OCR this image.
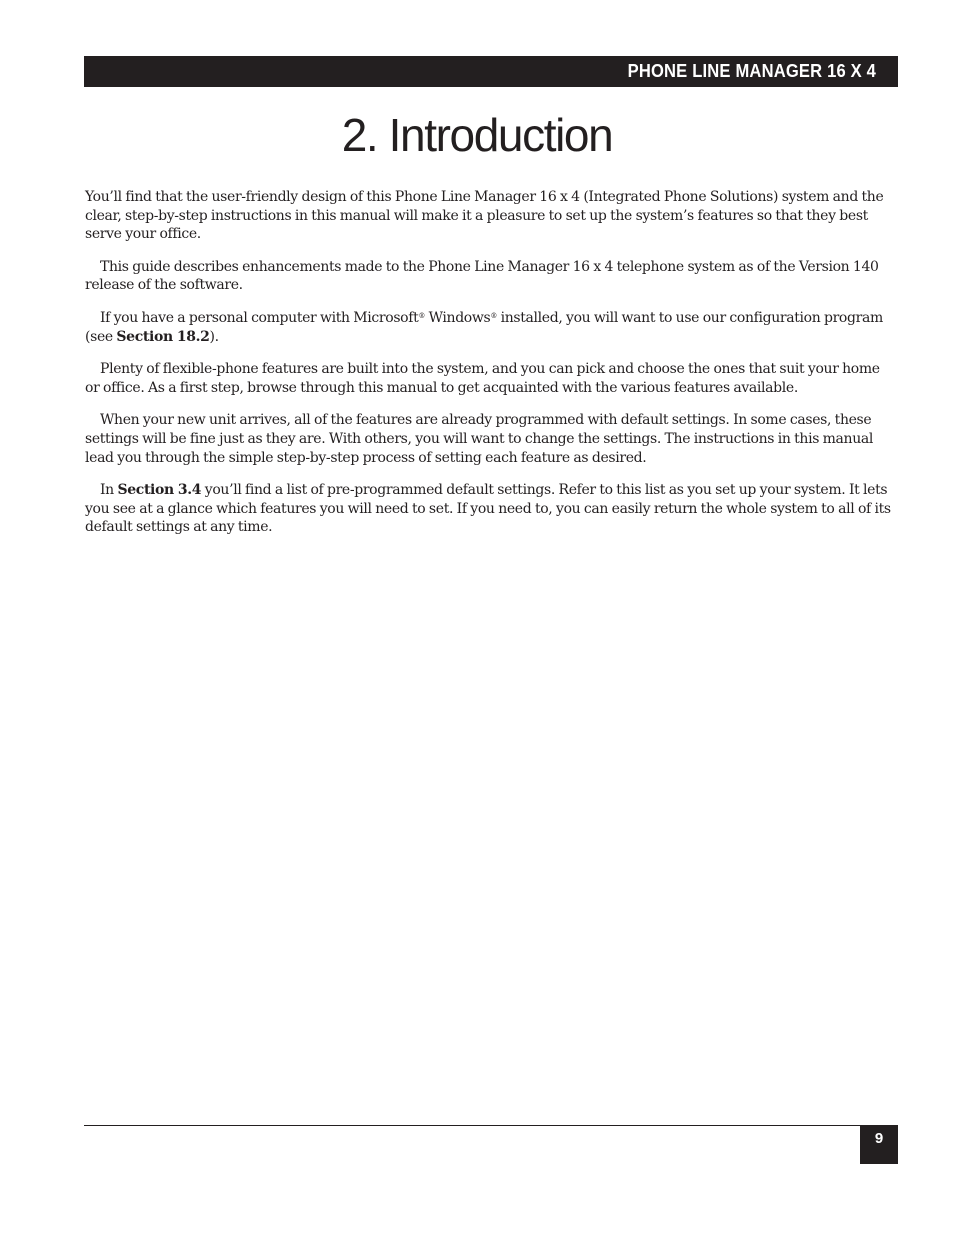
PHONE LINE MANAGER 16 X 4
2. Introduction

You’ll find that the user-friendly design of this Phone Line Manager 16 x 4 (Integrated Phone Solutions) system and the clear, step-by-step instructions in this manual will make it a pleasure to set up the system’s features so that they best serve your office.

This guide describes enhancements made to the Phone Line Manager 16 x 4 telephone system as of the Version 140 release of the software.

If you have a personal computer with Microsoft® Windows® installed, you will want to use our configuration program (see Section 18.2).

Plenty of flexible-phone features are built into the system, and you can pick and choose the ones that suit your home or office. As a first step, browse through this manual to get acquainted with the various features available.

When your new unit arrives, all of the features are already programmed with default settings. In some cases, these settings will be fine just as they are. With others, you will want to change the settings. The instructions in this manual lead you through the simple step-by-step process of setting each feature as desired.

In Section 3.4 you’ll find a list of pre-programmed default settings. Refer to this list as you set up your system. It lets you see at a glance which features you will need to set. If you need to, you can easily return the whole system to all of its default settings at any time.

9
